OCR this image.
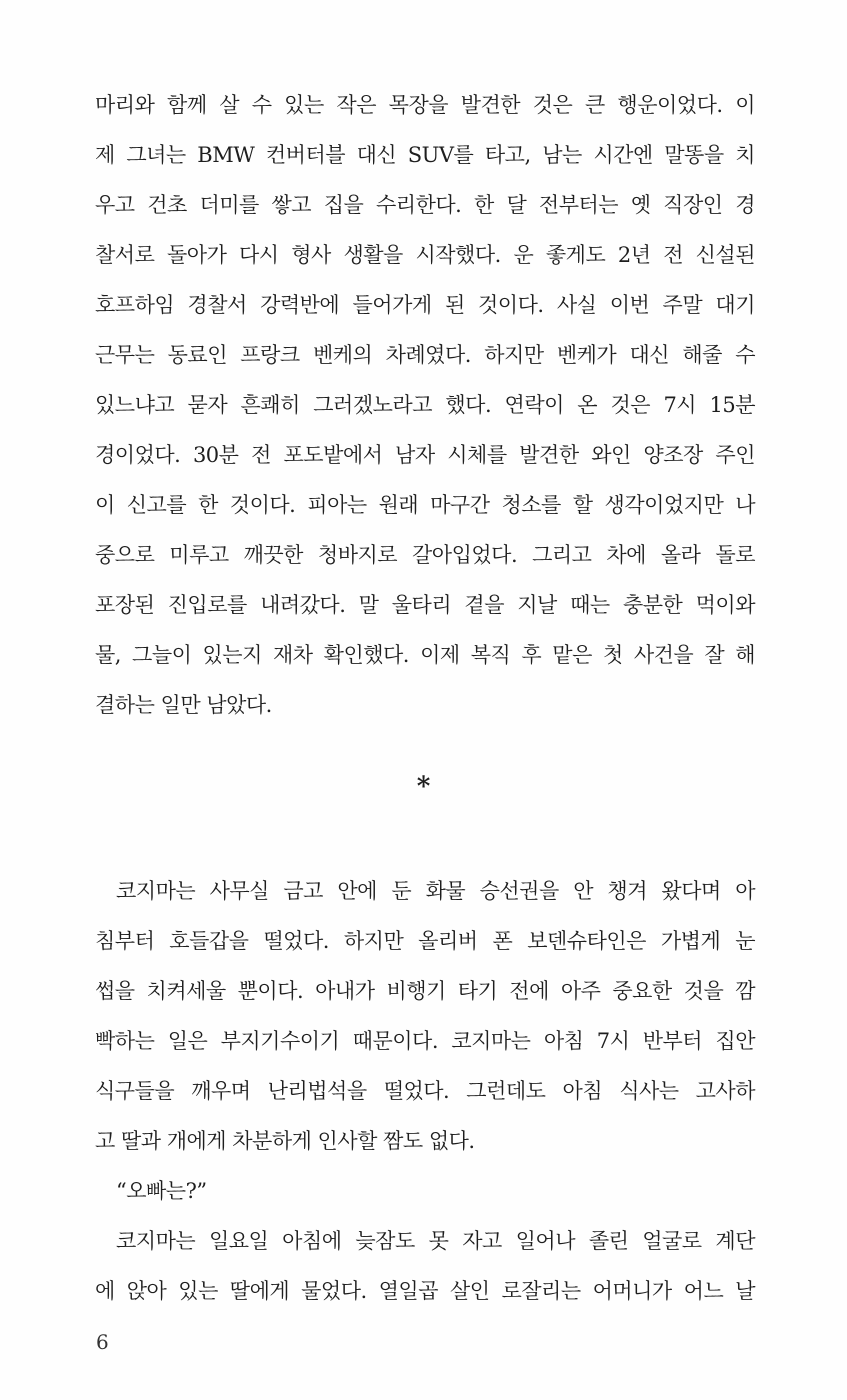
마리와 함께 살 수 있는 작은 목장을 발견한 것은 큰 행운이었다. 이
제 그녀는 BMW 컨버터블 대신 SUV를 타고, 남는 시간엔 말똥을 치
우고 건초 더미를 쌓고 집을 수리한다. 한 달 전부터는 옛 직장인 경
찰서로 돌아가 다시 형사 생활을 시작했다. 운 좋게도 2년 전 신설된
호프하임 경찰서 강력반에 들어가게 된 것이다. 사실 이번 주말 대기
근무는 동료인 프랑크 벤케의 차례였다. 하지만 벤케가 대신 해줄 수
있느냐고 묻자 흔쾌히 그러겠노라고 했다. 연락이 온 것은 7시 15분
경이었다. 30분 전 포도밭에서 남자 시체를 발견한 와인 양조장 주인
이 신고를 한 것이다. 피아는 원래 마구간 청소를 할 생각이었지만 나
중으로 미루고 깨끗한 청바지로 갈아입었다. 그리고 차에 올라 돌로
포장된 진입로를 내려갔다. 말 울타리 곁을 지날 때는 충분한 먹이와
물, 그늘이 있는지 재차 확인했다. 이제 복직 후 맡은 첫 사건을 잘 해
결하는 일만 남았다.
*
코지마는 사무실 금고 안에 둔 화물 승선권을 안 챙겨 왔다며 아
침부터 호들갑을 떨었다. 하지만 올리버 폰 보덴슈타인은 가볍게 눈
썹을 치켜세울 뿐이다. 아내가 비행기 타기 전에 아주 중요한 것을 깜
빡하는 일은 부지기수이기 때문이다. 코지마는 아침 7시 반부터 집안
식구들을 깨우며 난리법석을 떨었다. 그런데도 아침 식사는 고사하
고 딸과 개에게 차분하게 인사할 짬도 없다.
“오빠는?”
코지마는 일요일 아침에 늦잠도 못 자고 일어나 졸린 얼굴로 계단
에 앉아 있는 딸에게 물었다. 열일곱 살인 로잘리는 어머니가 어느 날
6
